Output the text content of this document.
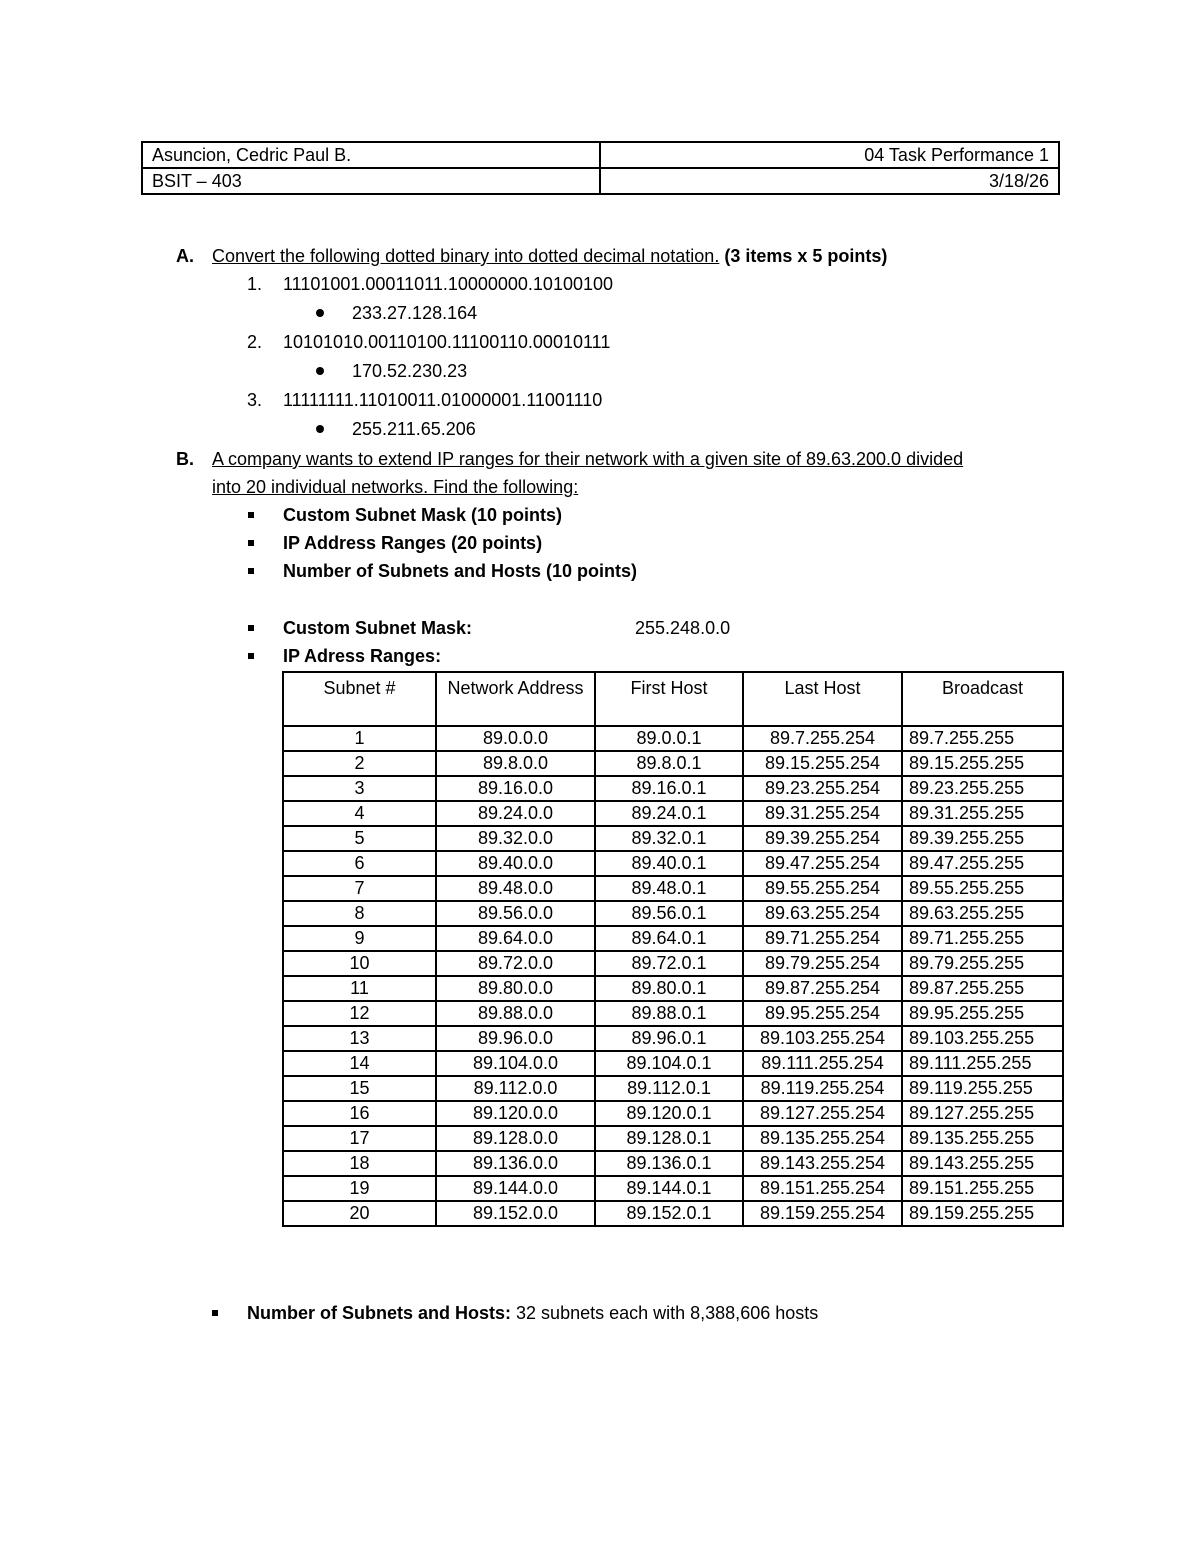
Asuncion, Cedric Paul B.	04 Task Performance 1
BSIT – 403	3/18/26
A. Convert the following dotted binary into dotted decimal notation. (3 items x 5 points)
1. 11101001.00011011.10000000.10100100
233.27.128.164
2. 10101010.00110100.11100110.00010111
170.52.230.23
3. 11111111.11010011.01000001.11001110
255.211.65.206
B. A company wants to extend IP ranges for their network with a given site of 89.63.200.0 divided
into 20 individual networks. Find the following:
Custom Subnet Mask (10 points)
IP Address Ranges (20 points)
Number of Subnets and Hosts (10 points)
Custom Subnet Mask:	255.248.0.0
IP Adress Ranges:
Subnet #	Network Address	First Host	Last Host	Broadcast
1	89.0.0.0	89.0.0.1	89.7.255.254	89.7.255.255
2	89.8.0.0	89.8.0.1	89.15.255.254	89.15.255.255
3	89.16.0.0	89.16.0.1	89.23.255.254	89.23.255.255
4	89.24.0.0	89.24.0.1	89.31.255.254	89.31.255.255
5	89.32.0.0	89.32.0.1	89.39.255.254	89.39.255.255
6	89.40.0.0	89.40.0.1	89.47.255.254	89.47.255.255
7	89.48.0.0	89.48.0.1	89.55.255.254	89.55.255.255
8	89.56.0.0	89.56.0.1	89.63.255.254	89.63.255.255
9	89.64.0.0	89.64.0.1	89.71.255.254	89.71.255.255
10	89.72.0.0	89.72.0.1	89.79.255.254	89.79.255.255
11	89.80.0.0	89.80.0.1	89.87.255.254	89.87.255.255
12	89.88.0.0	89.88.0.1	89.95.255.254	89.95.255.255
13	89.96.0.0	89.96.0.1	89.103.255.254	89.103.255.255
14	89.104.0.0	89.104.0.1	89.111.255.254	89.111.255.255
15	89.112.0.0	89.112.0.1	89.119.255.254	89.119.255.255
16	89.120.0.0	89.120.0.1	89.127.255.254	89.127.255.255
17	89.128.0.0	89.128.0.1	89.135.255.254	89.135.255.255
18	89.136.0.0	89.136.0.1	89.143.255.254	89.143.255.255
19	89.144.0.0	89.144.0.1	89.151.255.254	89.151.255.255
20	89.152.0.0	89.152.0.1	89.159.255.254	89.159.255.255
Number of Subnets and Hosts: 32 subnets each with 8,388,606 hosts
